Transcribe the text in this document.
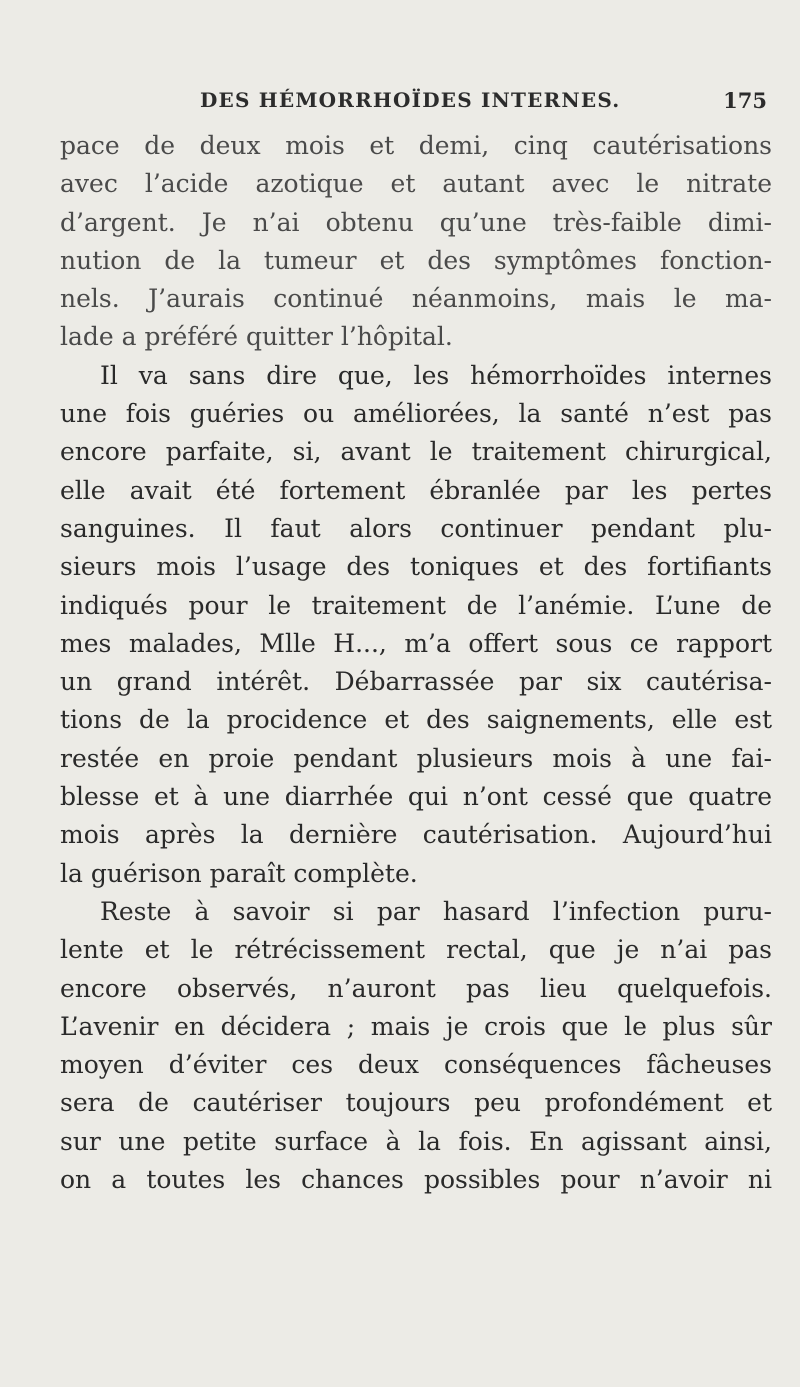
DES HÉMORRHOÏDES INTERNES.	175
pace de deux mois et demi, cinq cautérisations
avec l’acide azotique et autant avec le nitrate
d’argent. Je n’ai obtenu qu’une très-faible dimi-
nution de la tumeur et des symptômes fonction-
nels. J’aurais continué néanmoins, mais le ma-
lade a préféré quitter l’hôpital.
Il va sans dire que, les hémorrhoïdes internes
une fois guéries ou améliorées, la santé n’est pas
encore parfaite, si, avant le traitement chirurgical,
elle avait été fortement ébranlée par les pertes
sanguines. Il faut alors continuer pendant plu-
sieurs mois l’usage des toniques et des fortifiants
indiqués pour le traitement de l’anémie. L’une de
mes malades, Mlle H..., m’a offert sous ce rapport
un grand intérêt. Débarrassée par six cautérisa-
tions de la procidence et des saignements, elle est
restée en proie pendant plusieurs mois à une fai-
blesse et à une diarrhée qui n’ont cessé que quatre
mois après la dernière cautérisation. Aujourd’hui
la guérison paraît complète.
Reste à savoir si par hasard l’infection puru-
lente et le rétrécissement rectal, que je n’ai pas
encore observés, n’auront pas lieu quelquefois.
L’avenir en décidera ; mais je crois que le plus sûr
moyen d’éviter ces deux conséquences fâcheuses
sera de cautériser toujours peu profondément et
sur une petite surface à la fois. En agissant ainsi,
on a toutes les chances possibles pour n’avoir ni
